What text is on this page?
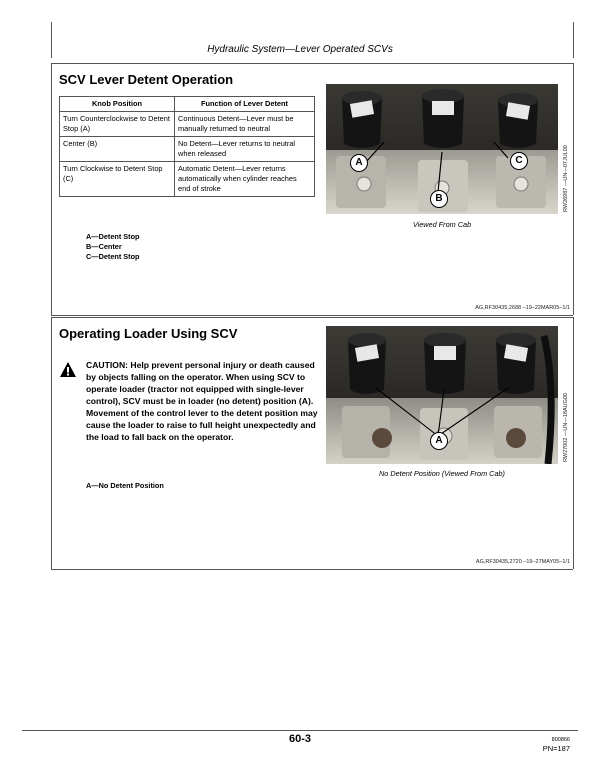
Hydraulic System—Lever Operated SCVs
SCV Lever Detent Operation
Knob Position	Function of Lever Detent
Turn Counterclockwise to Detent Stop (A)	Continuous Detent—Lever must be manually returned to neutral
Center (B)	No Detent—Lever returns to neutral when released
Turn Clockwise to Detent Stop (C)	Automatic Detent—Lever returns automatically when cylinder reaches end of stroke
A—Detent Stop
B—Center
C—Detent Stop
A
B
C	RW26987 —UN—07JUL00
Viewed From Cab
AG,RF30435,2688 –19–22MAR05–1/1
Operating Loader Using SCV
CAUTION: Help prevent personal injury or death caused by objects falling on the operator. When using SCV to operate loader (tractor not equipped with single-lever control), SCV must be in loader (no detent) position (A). Movement of the control lever to the detent position may cause the loader to raise to full height unexpectedly and the load to fall back on the operator.
A—No Detent Position
A	RW27002 —UN—18AUG00
No Detent Position (Viewed From Cab)
AG,RF30435,2720 –19–27MAY05–1/1
60-3	800866
PN=187
